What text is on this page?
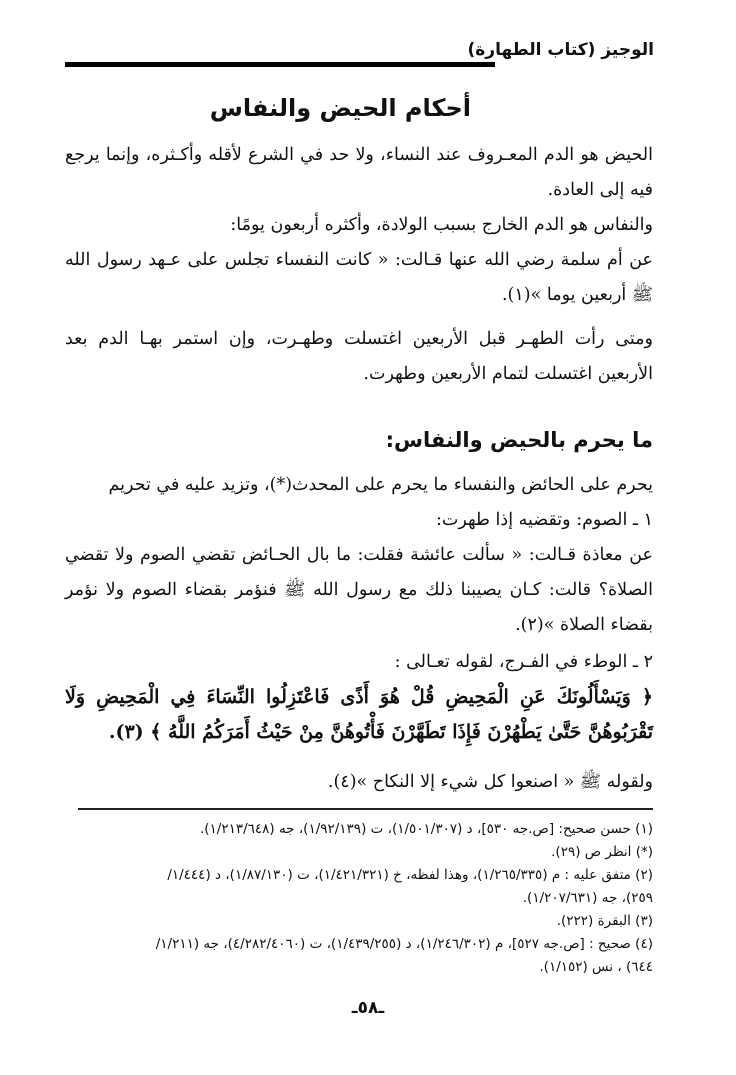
الوجيز (كتاب الطهارة)
أحكام الحيض والنفاس
الحيض هو الدم المعـروف عند النساء، ولا حد في الشرع لأقله وأكـثره، وإنما يرجع فيه إلى العادة.
والنفاس هو الدم الخارج بسبب الولادة، وأكثره أربعون يومًا:
عن أم سلمة رضي الله عنها قـالت: « كانت النفساء تجلس على عـهد رسول الله ﷺ أربعين يوما »(١).
ومتى رأت الطهـر قبل الأربعين اغتسلت وطهـرت، وإن استمر بهـا الدم بعد الأربعين اغتسلت لتمام الأربعين وطهرت.
ما يحرم بالحيض والنفاس:
يحرم على الحائض والنفساء ما يحرم على المحدث(*)، وتزيد عليه في تحريم
١ ـ الصوم: وتقضيه إذا طهرت:
عن معاذة قـالت: « سألت عائشة فقلت: ما بال الحـائض تقضي الصوم ولا تقضي الصلاة؟ قالت: كـان يصيبنا ذلك مع رسول الله ﷺ فنؤمر بقضاء الصوم ولا نؤمر بقضاء الصلاة »(٢).
٢ ـ الوطء في الفـرج، لقوله تعـالى :
﴿ وَيَسْأَلُونَكَ عَنِ الْمَحِيضِ قُلْ هُوَ أَذًى فَاعْتَزِلُوا النِّسَاءَ فِي الْمَحِيضِ وَلَا تَقْرَبُوهُنَّ حَتَّىٰ يَطْهُرْنَ فَإِذَا تَطَهَّرْنَ فَأْتُوهُنَّ مِنْ حَيْثُ أَمَرَكُمُ اللَّهُ ﴾ (٣).
ولقوله ﷺ « اصنعوا كل شيء إلا النكاح »(٤).
(١) حسن صحيح: [ص.جه ٥٣٠]، د (١/٥٠١/٣٠٧)، ت (١/٩٢/١٣٩)، جه (١/٢١٣/٦٤٨).
(*) انظر ص (٢٩).
(٢) متفق عليه : م (١/٢٦٥/٣٣٥)، وهذا لفظه، خ (١/٤٢١/٣٢١)، ت (١/٨٧/١٣٠)، د (١/٤٤٤/
٢٥٩)، جه (١/٢٠٧/٦٣١).
(٣) البقرة (٢٢٢).
(٤) صحيح : [ص.جه ٥٢٧]، م (١/٢٤٦/٣٠٢)، د (١/٤٣٩/٢٥٥)، ت (٤/٢٨٢/٤٠٦٠)، جه (١/٢١١/
٦٤٤) ، نس (١/١٥٢).
ـ٥٨ـ
